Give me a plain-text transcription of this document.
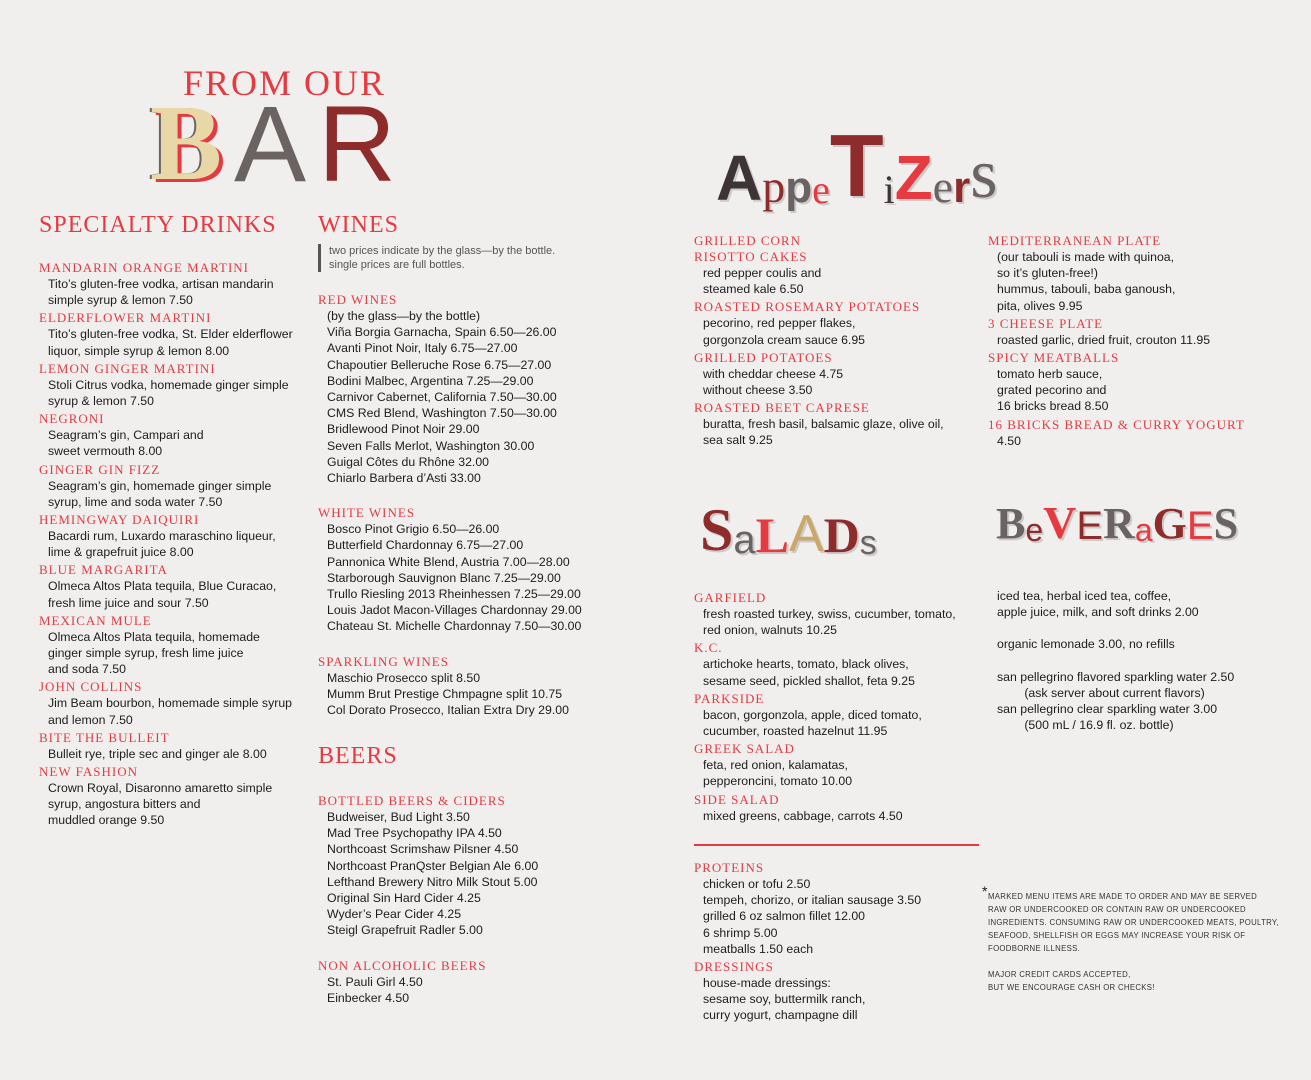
FROM OUR
B A R
SPECIALTY DRINKS
MANDARIN ORANGE MARTINI
Tito’s gluten-free vodka, artisan mandarin
simple syrup & lemon 7.50
ELDERFLOWER MARTINI
Tito’s gluten-free vodka, St. Elder elderflower
liquor, simple syrup & lemon 8.00
LEMON GINGER MARTINI
Stoli Citrus vodka, homemade ginger simple
syrup & lemon 7.50
NEGRONI
Seagram’s gin, Campari and
sweet vermouth 8.00
GINGER GIN FIZZ
Seagram’s gin, homemade ginger simple
syrup, lime and soda water 7.50
HEMINGWAY DAIQUIRI
Bacardi rum, Luxardo maraschino liqueur,
lime & grapefruit juice 8.00
BLUE MARGARITA
Olmeca Altos Plata tequila, Blue Curacao,
fresh lime juice and sour 7.50
MEXICAN MULE
Olmeca Altos Plata tequila, homemade
ginger simple syrup, fresh lime juice
and soda 7.50
JOHN COLLINS
Jim Beam bourbon, homemade simple syrup
and lemon 7.50
BITE THE BULLEIT
Bulleit rye, triple sec and ginger ale 8.00
NEW FASHION
Crown Royal, Disaronno amaretto simple
syrup, angostura bitters and
muddled orange 9.50
WINES
two prices indicate by the glass—by the bottle.
single prices are full bottles.
RED WINES
(by the glass—by the bottle)
Viña Borgia Garnacha, Spain 6.50—26.00
Avanti Pinot Noir, Italy 6.75—27.00
Chapoutier Belleruche Rose 6.75—27.00
Bodini Malbec, Argentina 7.25—29.00
Carnivor Cabernet, California 7.50—30.00
CMS Red Blend, Washington 7.50—30.00
Bridlewood Pinot Noir 29.00
Seven Falls Merlot, Washington 30.00
Guigal Côtes du Rhône 32.00
Chiarlo Barbera d’Asti 33.00
WHITE WINES
Bosco Pinot Grigio 6.50—26.00
Butterfield Chardonnay 6.75—27.00
Pannonica White Blend, Austria 7.00—28.00
Starborough Sauvignon Blanc 7.25—29.00
Trullo Riesling 2013 Rheinhessen 7.25—29.00
Louis Jadot Macon-Villages Chardonnay 29.00
Chateau St. Michelle Chardonnay 7.50—30.00
SPARKLING WINES
Maschio Prosecco split 8.50
Mumm Brut Prestige Chmpagne split 10.75
Col Dorato Prosecco, Italian Extra Dry 29.00
BEERS
BOTTLED BEERS & CIDERS
Budweiser, Bud Light 3.50
Mad Tree Psychopathy IPA 4.50
Northcoast Scrimshaw Pilsner 4.50
Northcoast PranQster Belgian Ale 6.00
Lefthand Brewery Nitro Milk Stout 5.00
Original Sin Hard Cider 4.25
Wyder’s Pear Cider 4.25
Steigl Grapefruit Radler 5.00
NON ALCOHOLIC BEERS
St. Pauli Girl 4.50
Einbecker 4.50
A p p e T i Z e r s
GRILLED CORN
RISOTTO CAKES
red pepper coulis and
steamed kale 6.50
ROASTED ROSEMARY POTATOES
pecorino, red pepper flakes,
gorgonzola cream sauce 6.95
GRILLED POTATOES
with cheddar cheese 4.75
without cheese 3.50
ROASTED BEET CAPRESE
buratta, fresh basil, balsamic glaze, olive oil,
sea salt 9.25
MEDITERRANEAN PLATE
(our tabouli is made with quinoa,
so it’s gluten-free!)
hummus, tabouli, baba ganoush,
pita, olives 9.95
3 CHEESE PLATE
roasted garlic, dried fruit, crouton 11.95
SPICY MEATBALLS
tomato herb sauce,
grated pecorino and
16 bricks bread 8.50
16 BRICKS BREAD & CURRY YOGURT
4.50
S a L A D s	B e V E R a G E S
GARFIELD
fresh roasted turkey, swiss, cucumber, tomato,
red onion, walnuts 10.25
K.C.
artichoke hearts, tomato, black olives,
sesame seed, pickled shallot, feta 9.25
PARKSIDE
bacon, gorgonzola, apple, diced tomato,
cucumber, roasted hazelnut 11.95
GREEK SALAD
feta, red onion, kalamatas,
pepperoncini, tomato 10.00
SIDE SALAD
mixed greens, cabbage, carrots 4.50
PROTEINS
chicken or tofu 2.50
tempeh, chorizo, or italian sausage 3.50
grilled 6 oz salmon fillet 12.00
6 shrimp 5.00
meatballs 1.50 each
DRESSINGS
house-made dressings:
sesame soy, buttermilk ranch,
curry yogurt, champagne dill
iced tea, herbal iced tea, coffee,
apple juice, milk, and soft drinks 2.00
organic lemonade 3.00, no refills
san pellegrino flavored sparkling water 2.50
(ask server about current flavors)
san pellegrino clear sparkling water 3.00
(500 mL / 16.9 fl. oz. bottle)
* MARKED MENU ITEMS ARE MADE TO ORDER AND MAY BE SERVED
RAW OR UNDERCOOKED OR CONTAIN RAW OR UNDERCOOKED
INGREDIENTS. CONSUMING RAW OR UNDERCOOKED MEATS, POULTRY,
SEAFOOD, SHELLFISH OR EGGS MAY INCREASE YOUR RISK OF
FOODBORNE ILLNESS.
MAJOR CREDIT CARDS ACCEPTED,
BUT WE ENCOURAGE CASH OR CHECKS!
